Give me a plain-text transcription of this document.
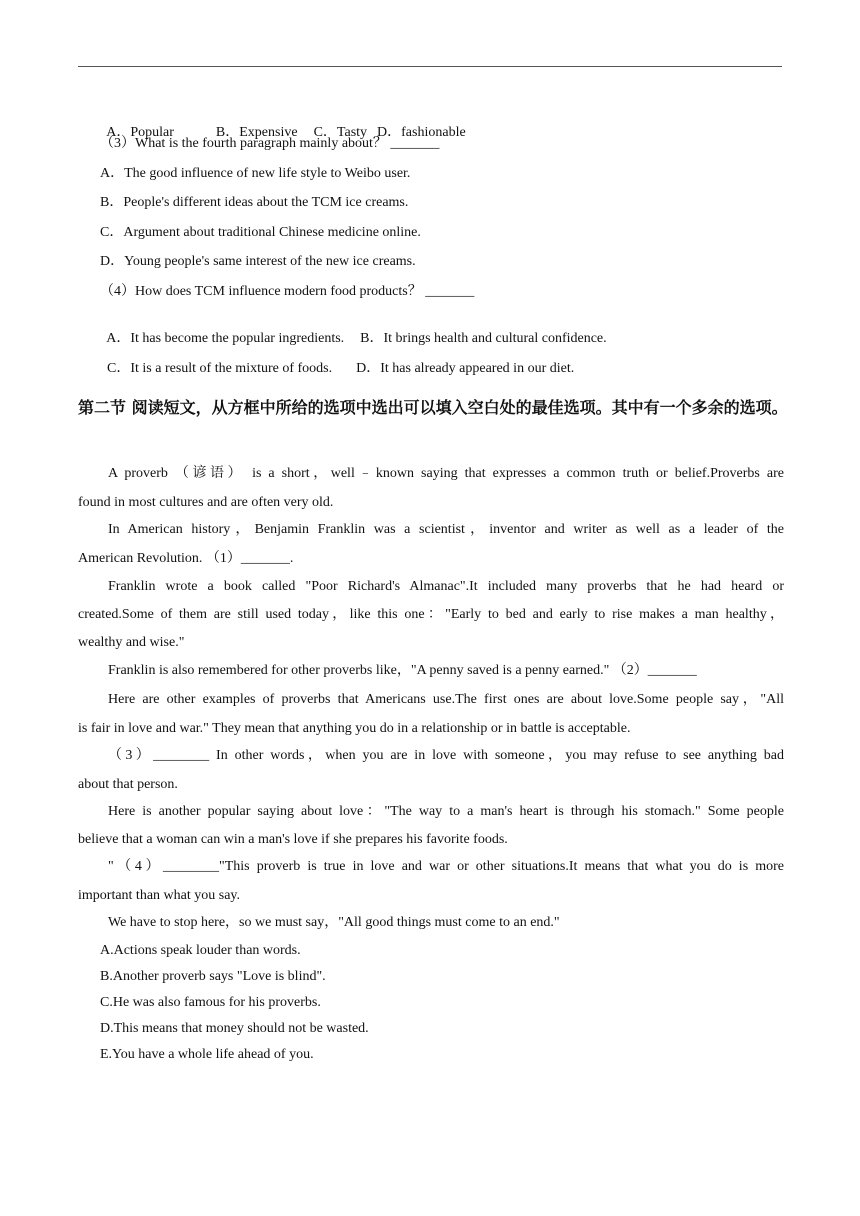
A．Popular	B．Expensive C．Tasty D．fashionable

（3）What is the fourth paragraph mainly about？ _______
A．The good influence of new life style to Weibo user.
B．People's different ideas about the TCM ice creams.
C．Argument about traditional Chinese medicine online.
D．Young people's same interest of the new ice creams.
（4）How does TCM influence modern food products？ _______

A．It has become the popular ingredients. B．It brings health and cultural confidence.

C．It is a result of the mixture of foods. D．It has already appeared in our diet.

第二节 阅读短文，从方框中所给的选项中选出可以填入空白处的最佳选项。其中有一个多余的选项。
A proverb （谚语） is a short，well﹣known saying that expresses a common truth or belief.Proverbs are
found in most cultures and are often very old.
In American history，Benjamin Franklin was a scientist，inventor and writer as well as a leader of the
American Revolution. （1）_______.
Franklin wrote a book called "Poor Richard's Almanac".It included many proverbs that he had heard or
created.Some of them are still used today，like this one："Early to bed and early to rise makes a man healthy，
wealthy and wise."
Franklin is also remembered for other proverbs like，"A penny saved is a penny earned." （2）_______
Here are other examples of proverbs that Americans use.The first ones are about love.Some people say，"All
is fair in love and war." They mean that anything you do in a relationship or in battle is acceptable.
（3）________ In other words，when you are in love with someone，you may refuse to see anything bad
about that person.
Here is another popular saying about love："The way to a man's heart is through his stomach." Some people
believe that a woman can win a man's love if she prepares his favorite foods.
"（4）________"This proverb is true in love and war or other situations.It means that what you do is more
important than what you say.
We have to stop here，so we must say，"All good things must come to an end."
A.Actions speak louder than words.
B.Another proverb says "Love is blind".
C.He was also famous for his proverbs.
D.This means that money should not be wasted.
E.You have a whole life ahead of you.
